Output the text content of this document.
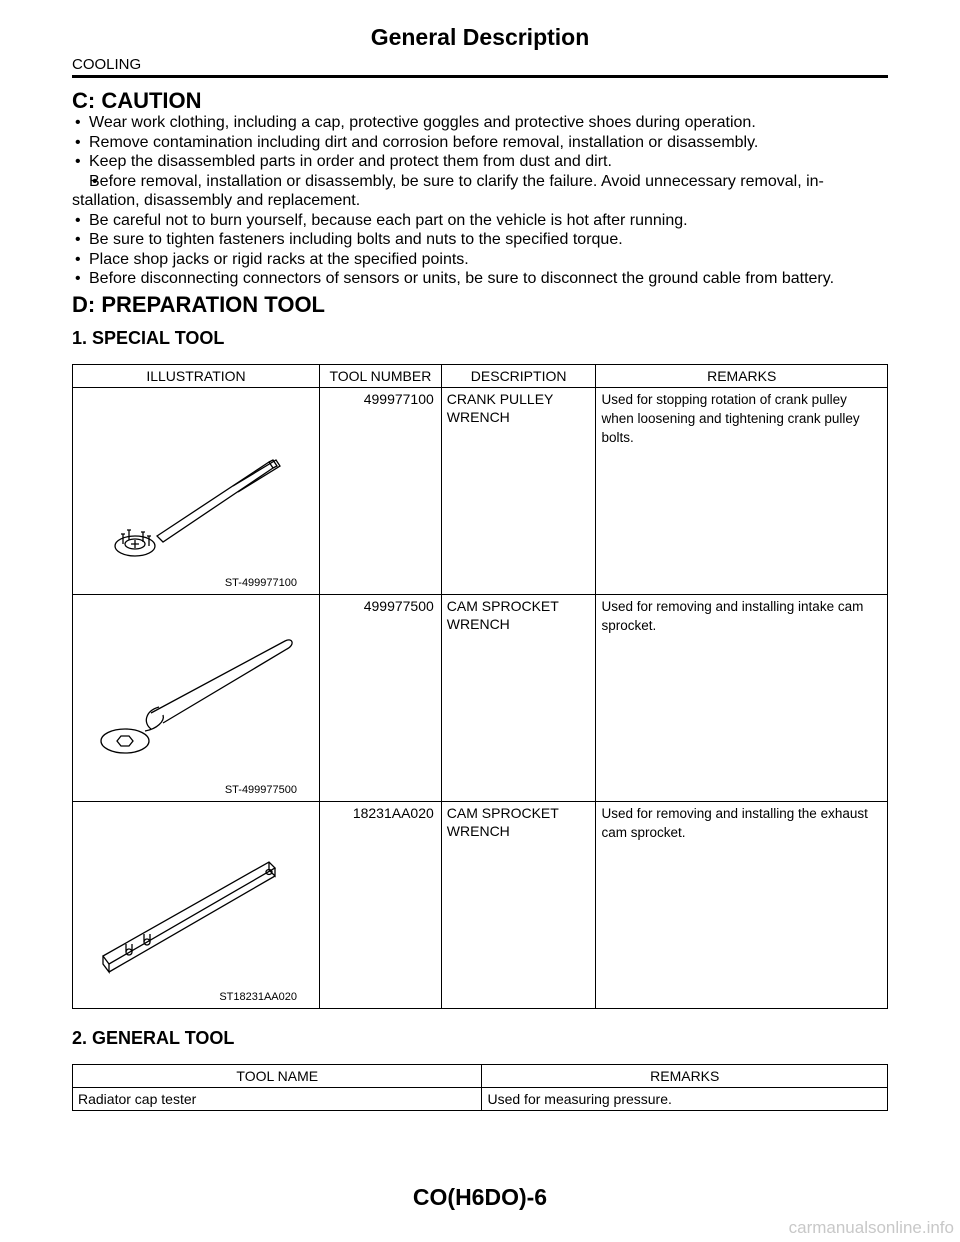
General Description
COOLING
C: CAUTION
• Wear work clothing, including a cap, protective goggles and protective shoes during operation.
• Remove contamination including dirt and corrosion before removal, installation or disassembly.
• Keep the disassembled parts in order and protect them from dust and dirt.
• Before removal, installation or disassembly, be sure to clarify the failure. Avoid unnecessary removal, in- stallation, disassembly and replacement.
• Be careful not to burn yourself, because each part on the vehicle is hot after running.
• Be sure to tighten fasteners including bolts and nuts to the specified torque.
• Place shop jacks or rigid racks at the specified points.
• Before disconnecting connectors of sensors or units, be sure to disconnect the ground cable from battery.
D: PREPARATION TOOL
1. SPECIAL TOOL
ILLUSTRATION	TOOL NUMBER	DESCRIPTION	REMARKS

ST-499977100	499977100	CRANK PULLEY WRENCH	Used for stopping rotation of crank pulley when loosening and tightening crank pulley bolts.

ST-499977500	499977500	CAM SPROCKET WRENCH	Used for removing and installing intake cam sprocket.

ST18231AA020	18231AA020	CAM SPROCKET WRENCH	Used for removing and installing the exhaust cam sprocket.
2. GENERAL TOOL
TOOL NAME	REMARKS
Radiator cap tester	Used for measuring pressure.
CO(H6DO)-6
carmanualsonline.info
